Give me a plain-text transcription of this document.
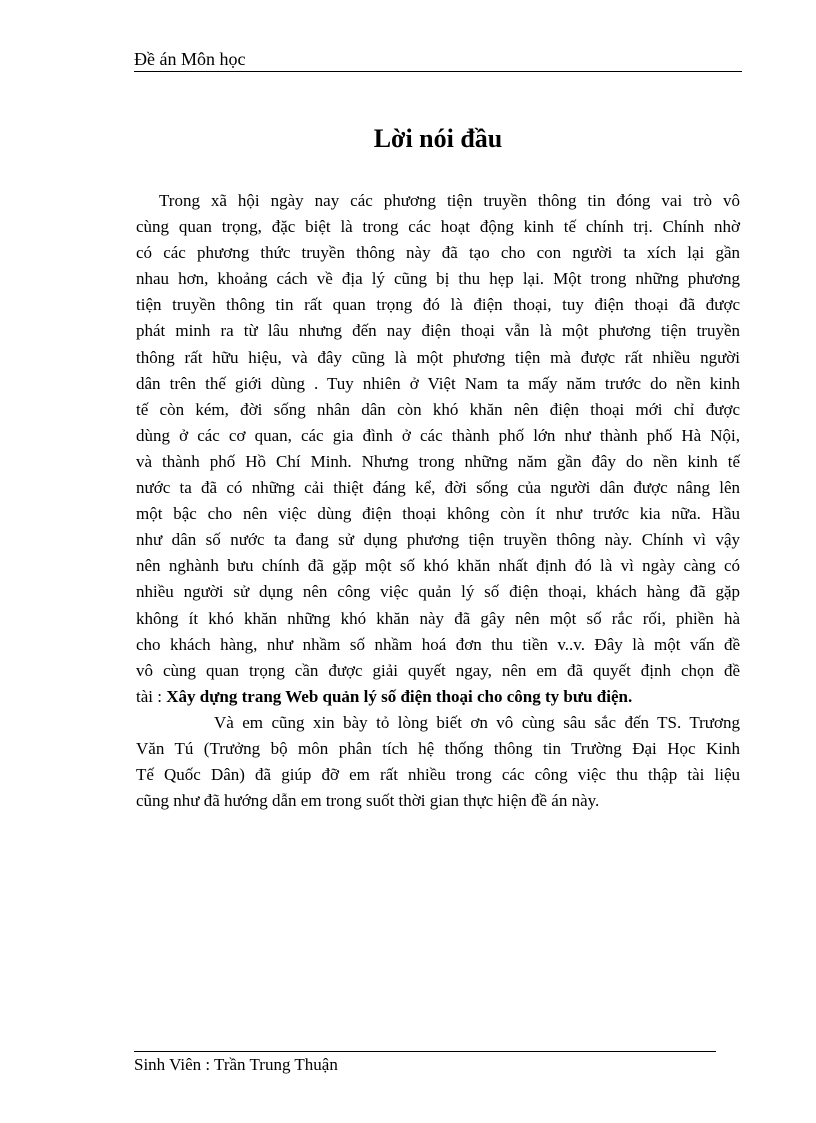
Đề án Môn học
Lời nói đầu
Trong xã hội ngày nay các phương tiện truyền thông tin đóng vai trò vô
cùng quan trọng, đặc biệt là trong các hoạt động kinh tế chính trị. Chính nhờ
có các phương thức truyền thông này đã tạo cho con người ta xích lại gần
nhau hơn, khoảng cách về địa lý cũng bị thu hẹp lại. Một trong những phương
tiện truyền thông tin rất quan trọng đó là điện thoại, tuy điện thoại đã được
phát minh ra từ lâu nhưng đến nay điện thoại vẫn là một phương tiện truyền
thông rất hữu hiệu, và đây cũng là một phương tiện mà được rất nhiều người
dân trên thế giới dùng . Tuy nhiên ở Việt Nam ta mấy năm trước do nền kinh
tế còn kém, đời sống nhân dân còn khó khăn nên điện thoại mới chỉ được
dùng ở các cơ quan, các gia đình ở các thành phố lớn như thành phố Hà Nội,
và thành phố Hồ Chí Minh. Nhưng trong những năm gần đây do nền kinh tế
nước ta đã có những cải thiệt đáng kể, đời sống của người dân được nâng lên
một bậc cho nên việc dùng điện thoại không còn ít như trước kia nữa. Hầu
như dân số nước ta đang sử dụng phương tiện truyền thông này. Chính vì vậy
nên nghành bưu chính đã gặp một số khó khăn nhất định đó là vì ngày càng có
nhiều người sử dụng nên công việc quản lý số điện thoại, khách hàng đã gặp
không ít khó khăn những khó khăn này đã gây nên một số rắc rối, phiền hà
cho khách hàng, như nhầm số nhầm hoá đơn thu tiền v..v. Đây là một vấn đề
vô cùng quan trọng cần được giải quyết ngay, nên em đã quyết định chọn đề
tài : Xây dựng trang Web quản lý số điện thoại cho công ty bưu điện.
Và em cũng xin bày tỏ lòng biết ơn vô cùng sâu sắc đến TS. Trương
Văn Tú (Trưởng bộ môn phân tích hệ thống thông tin Trường Đại Học Kinh
Tế Quốc Dân) đã giúp đỡ em rất nhiều trong các công việc thu thập tài liệu
cũng như đã hướng dẫn em trong suốt thời gian thực hiện đề án này.
Sinh Viên : Trần Trung Thuận
